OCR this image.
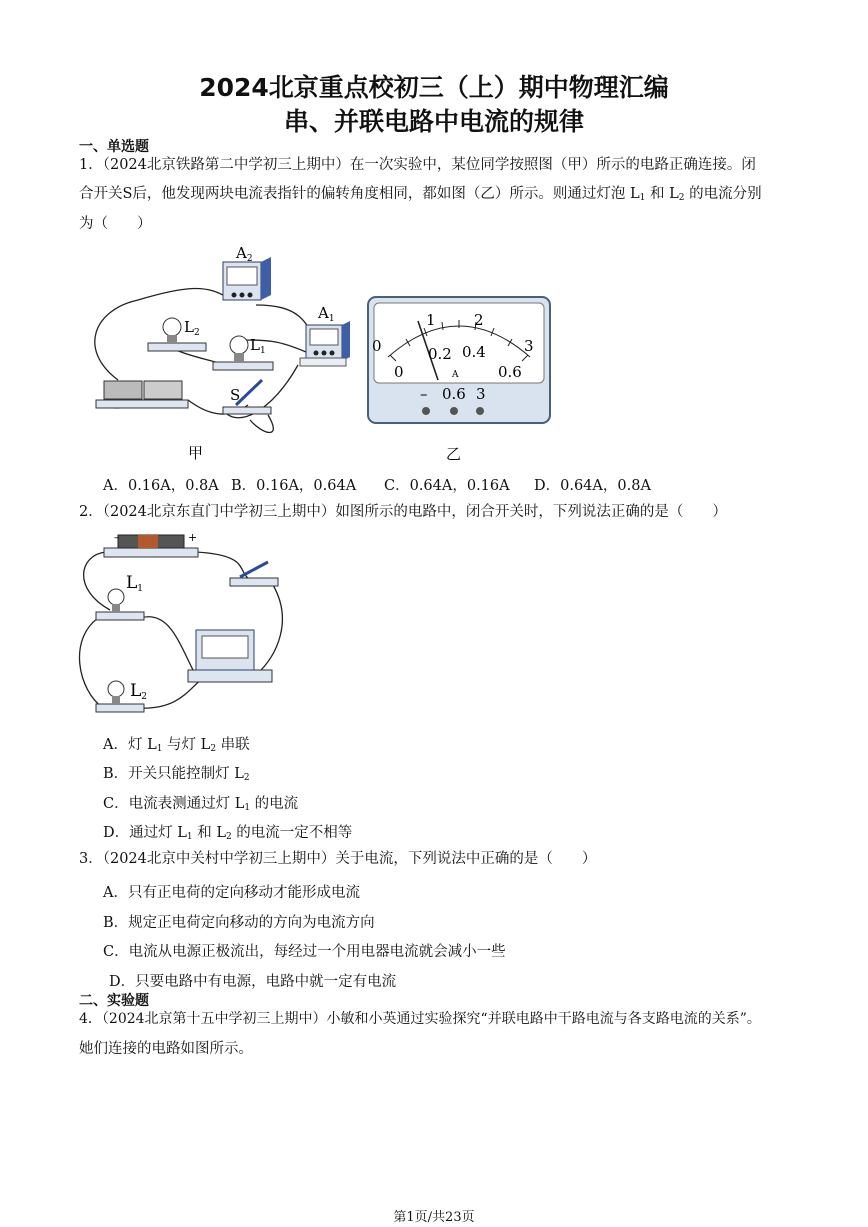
2024北京重点校初三（上）期中物理汇编
串、并联电路中电流的规律
一、单选题
1．（2024北京铁路第二中学初三上期中）在一次实验中，某位同学按照图（甲）所示的电路正确连接。闭
合开关S后，他发现两块电流表指针的偏转角度相同，都如图（乙）所示。则通过灯泡 $L_1$ 和 $L_2$ 的电流分别
为（　　）
$A_2$
$A_1$
$L_2$
$L_1$
S
甲
0
1	2
3
0
0.2 0.4
0.6
A
– 0.6 3
乙
A．0.16A，0.8A B．0.16A，0.64A C．0.64A，0.16A D．0.64A，0.8A
2．（2024北京东直门中学初三上期中）如图所示的电路中，闭合开关时，下列说法正确的是（　　）
–	+
L1
L2
A．灯 $L_1$ 与灯 $L_2$ 串联
B．开关只能控制灯 $L_2$
C．电流表测通过灯 $L_1$ 的电流
D．通过灯 $L_1$ 和 $L_2$ 的电流一定不相等
3．（2024北京中关村中学初三上期中）关于电流，下列说法中正确的是（　　）
A．只有正电荷的定向移动才能形成电流
B．规定正电荷定向移动的方向为电流方向
C．电流从电源正极流出，每经过一个用电器电流就会减小一些
D．只要电路中有电源，电路中就一定有电流
二、实验题
4．（2024北京第十五中学初三上期中）小敏和小英通过实验探究“并联电路中干路电流与各支路电流的关系”。
她们连接的电路如图所示。
第1页/共23页
